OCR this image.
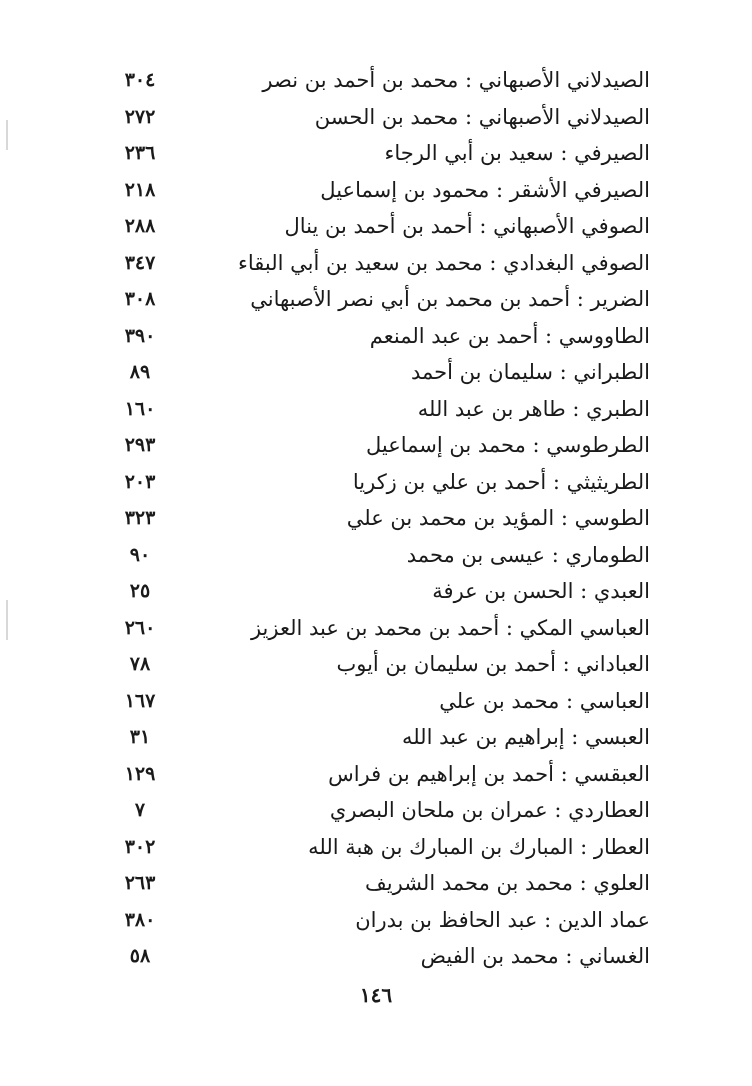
الصيدلاني الأصبهاني : محمد بن أحمد بن نصر
٣٠٤
الصيدلاني الأصبهاني : محمد بن الحسن
٢٧٢
الصيرفي : سعيد بن أبي الرجاء
٢٣٦
الصيرفي الأشقر : محمود بن إسماعيل
٢١٨
الصوفي الأصبهاني : أحمد بن أحمد بن ينال
٢٨٨
الصوفي البغدادي : محمد بن سعيد بن أبي البقاء
٣٤٧
الضرير : أحمد بن محمد بن أبي نصر الأصبهاني
٣٠٨
الطاووسي : أحمد بن عبد المنعم
٣٩٠
الطبراني : سليمان بن أحمد
٨٩
الطبري : طاهر بن عبد الله
١٦٠
الطرطوسي : محمد بن إسماعيل
٢٩٣
الطريثيثي : أحمد بن علي بن زكريا
٢٠٣
الطوسي : المؤيد بن محمد بن علي
٣٢٣
الطوماري : عيسى بن محمد
٩٠
العبدي : الحسن بن عرفة
٢٥
العباسي المكي : أحمد بن محمد بن عبد العزيز
٢٦٠
العباداني : أحمد بن سليمان بن أيوب
٧٨
العباسي : محمد بن علي
١٦٧
العبسي : إبراهيم بن عبد الله
٣١
العبقسي : أحمد بن إبراهيم بن فراس
١٢٩
العطاردي : عمران بن ملحان البصري
٧
العطار : المبارك بن المبارك بن هبة الله
٣٠٢
العلوي : محمد بن محمد الشريف
٢٦٣
عماد الدين : عبد الحافظ بن بدران
٣٨٠
الغساني : محمد بن الفيض
٥٨
١٤٦
